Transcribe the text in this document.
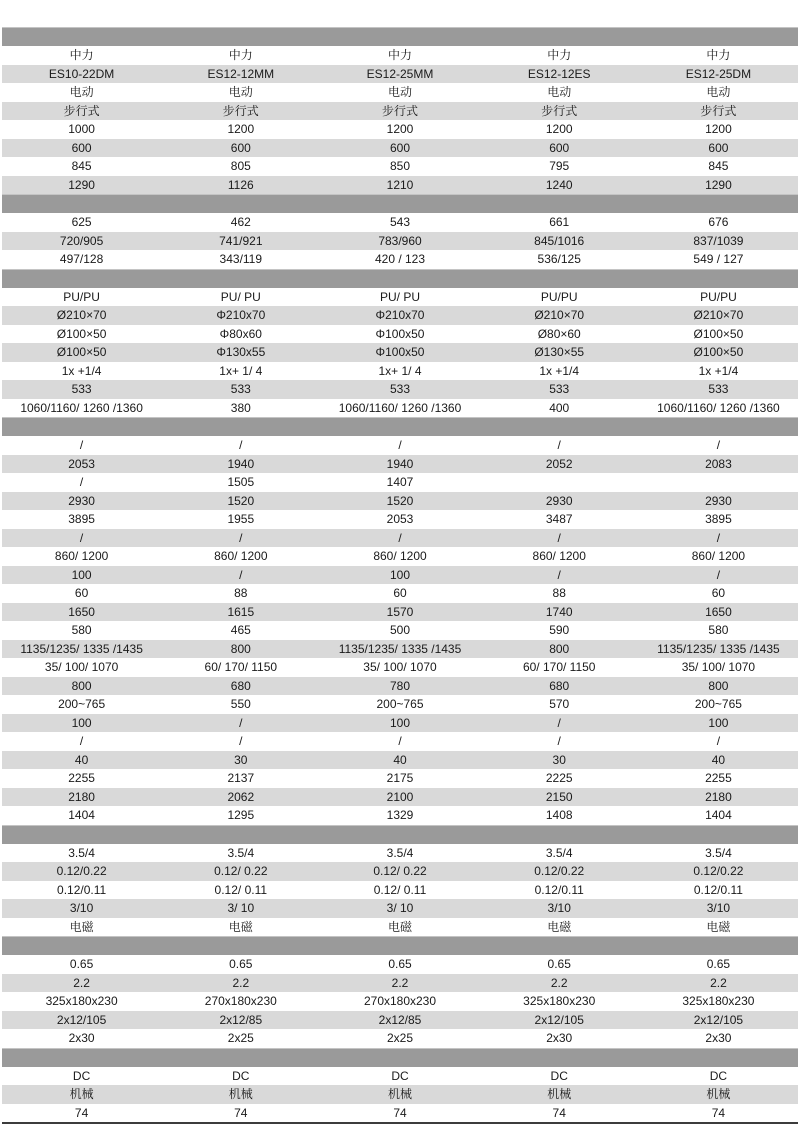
中力	中力	中力	中力	中力
ES10-22DM	ES12-12MM	ES12-25MM	ES12-12ES	ES12-25DM
电动	电动	电动	电动	电动
步行式	步行式	步行式	步行式	步行式
1000	1200	1200	1200	1200
600	600	600	600	600
845	805	850	795	845
1290	1126	1210	1240	1290
625	462	543	661	676
720/905	741/921	783/960	845/1016	837/1039
497/128	343/119	420 / 123	536/125	549 / 127
PU/PU	PU/ PU	PU/ PU	PU/PU	PU/PU
Ø210×70	Φ210x70	Φ210x70	Ø210×70	Ø210×70
Ø100×50	Φ80x60	Φ100x50	Ø80×60	Ø100×50
Ø100×50	Φ130x55	Φ100x50	Ø130×55	Ø100×50
1x +1/4	1x+ 1/ 4	1x+ 1/ 4	1x +1/4	1x +1/4
533	533	533	533	533
1060/1160/ 1260 /1360	380	1060/1160/ 1260 /1360	400	1060/1160/ 1260 /1360
/	/	/	/	/
2053	1940	1940	2052	2083
/	1505	1407
2930	1520	1520	2930	2930
3895	1955	2053	3487	3895
/	/	/	/	/
860/ 1200	860/ 1200	860/ 1200	860/ 1200	860/ 1200
100	/	100	/	/
60	88	60	88	60
1650	1615	1570	1740	1650
580	465	500	590	580
1135/1235/ 1335 /1435	800	1135/1235/ 1335 /1435	800	1135/1235/ 1335 /1435
35/ 100/ 1070	60/ 170/ 1150	35/ 100/ 1070	60/ 170/ 1150	35/ 100/ 1070
800	680	780	680	800
200~765	550	200~765	570	200~765
100	/	100	/	100
/	/	/	/	/
40	30	40	30	40
2255	2137	2175	2225	2255
2180	2062	2100	2150	2180
1404	1295	1329	1408	1404
3.5/4	3.5/4	3.5/4	3.5/4	3.5/4
0.12/0.22	0.12/ 0.22	0.12/ 0.22	0.12/0.22	0.12/0.22
0.12/0.11	0.12/ 0.11	0.12/ 0.11	0.12/0.11	0.12/0.11
3/10	3/ 10	3/ 10	3/10	3/10
电磁	电磁	电磁	电磁	电磁
0.65	0.65	0.65	0.65	0.65
2.2	2.2	2.2	2.2	2.2
325x180x230	270x180x230	270x180x230	325x180x230	325x180x230
2x12/105	2x12/85	2x12/85	2x12/105	2x12/105
2x30	2x25	2x25	2x30	2x30
DC	DC	DC	DC	DC
机械	机械	机械	机械	机械
74	74	74	74	74
